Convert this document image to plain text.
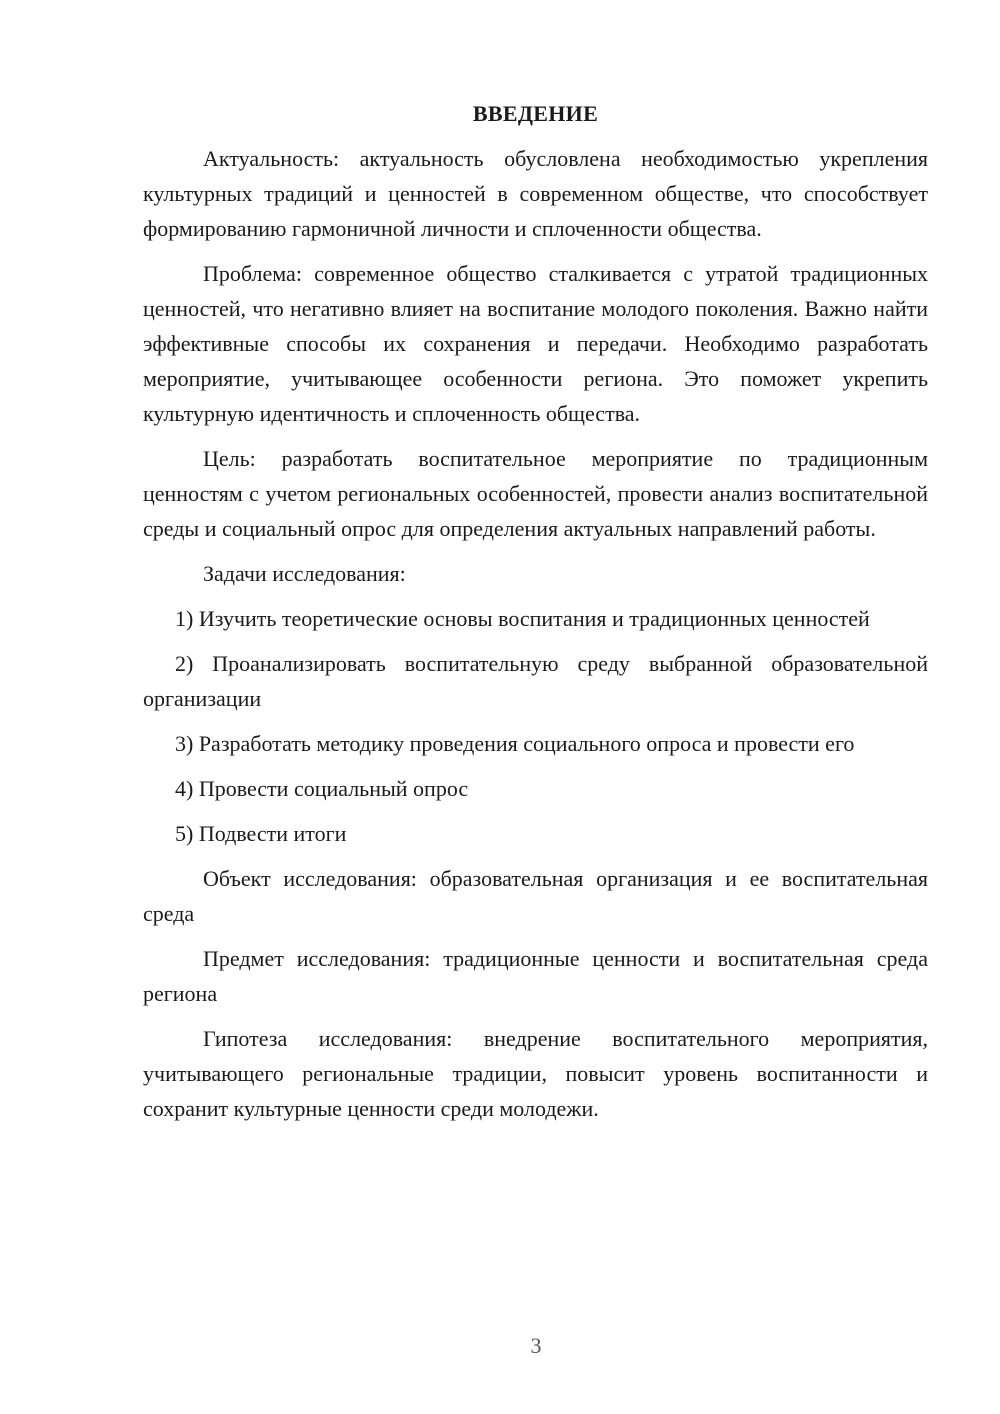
ВВЕДЕНИЕ

Актуальность: актуальность обусловлена необходимостью укрепления культурных традиций и ценностей в современном обществе, что способствует формированию гармоничной личности и сплоченности общества.

Проблема: современное общество сталкивается с утратой традиционных ценностей, что негативно влияет на воспитание молодого поколения. Важно найти эффективные способы их сохранения и передачи. Необходимо разработать мероприятие, учитывающее особенности региона. Это поможет укрепить культурную идентичность и сплоченность общества.

Цель: разработать воспитательное мероприятие по традиционным ценностям с учетом региональных особенностей, провести анализ воспитательной среды и социальный опрос для определения актуальных направлений работы.

Задачи исследования:

1) Изучить теоретические основы воспитания и традиционных ценностей

2) Проанализировать воспитательную среду выбранной образовательной организации

3) Разработать методику проведения социального опроса и провести его

4) Провести социальный опрос

5) Подвести итоги

Объект исследования: образовательная организация и ее воспитательная среда

Предмет исследования: традиционные ценности и воспитательная среда региона

Гипотеза исследования: внедрение воспитательного мероприятия, учитывающего региональные традиции, повысит уровень воспитанности и сохранит культурные ценности среди молодежи.

3
